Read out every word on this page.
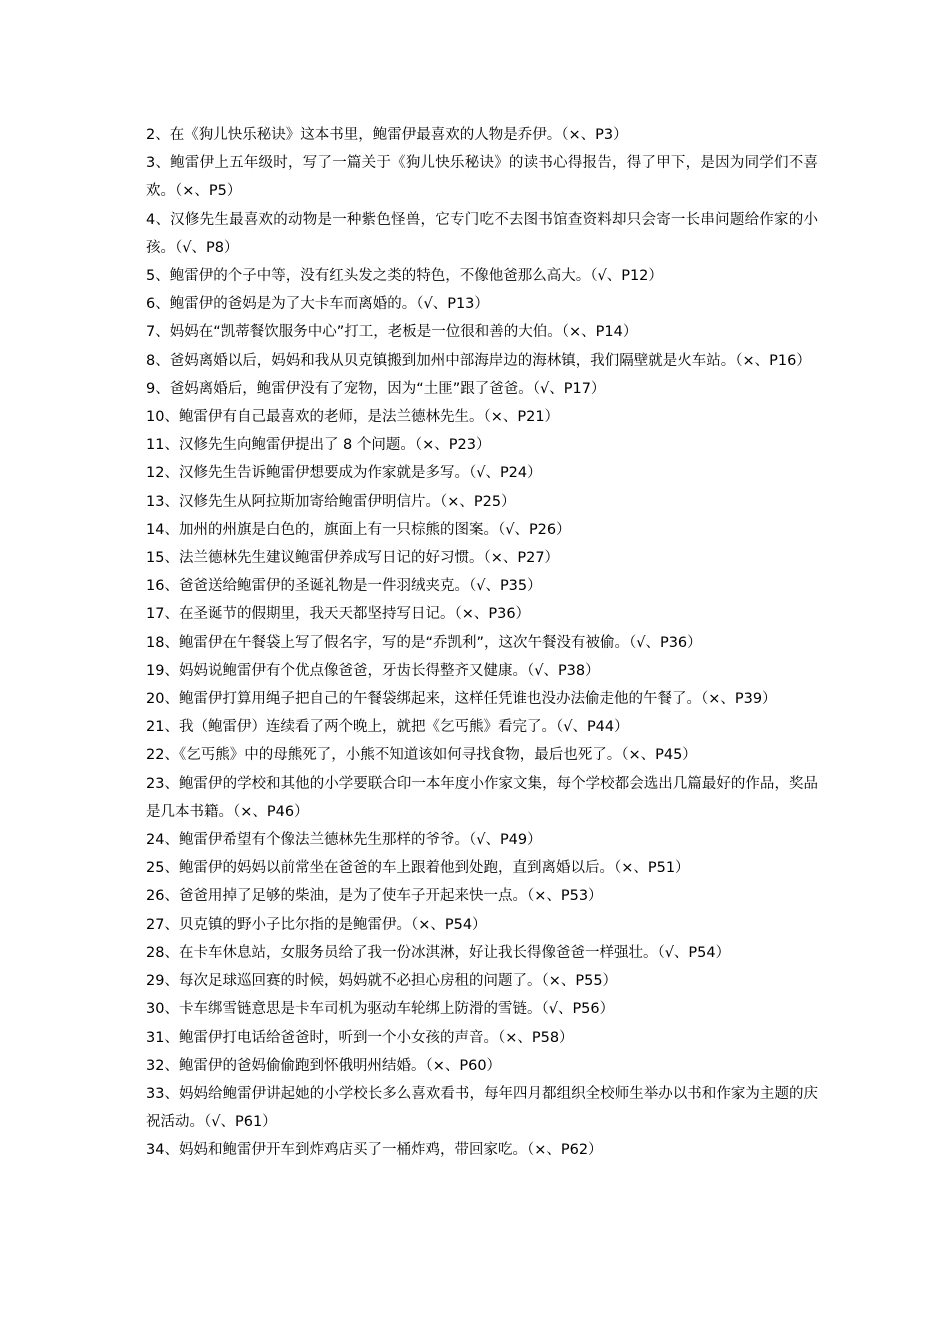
2、在《狗儿快乐秘诀》这本书里，鲍雷伊最喜欢的人物是乔伊。（×、P3）

3、鲍雷伊上五年级时，写了一篇关于《狗儿快乐秘诀》的读书心得报告，得了甲下，是因为同学们不喜欢。（×、P5）

4、汉修先生最喜欢的动物是一种紫色怪兽，它专门吃不去图书馆查资料却只会寄一长串问题给作家的小孩。（√、P8）

5、鲍雷伊的个子中等，没有红头发之类的特色，不像他爸那么高大。（√、P12）

6、鲍雷伊的爸妈是为了大卡车而离婚的。（√、P13）

7、妈妈在“凯蒂餐饮服务中心”打工，老板是一位很和善的大伯。（×、P14）

8、爸妈离婚以后，妈妈和我从贝克镇搬到加州中部海岸边的海林镇，我们隔壁就是火车站。（×、P16）

9、爸妈离婚后，鲍雷伊没有了宠物，因为“土匪”跟了爸爸。（√、P17）

10、鲍雷伊有自己最喜欢的老师，是法兰德林先生。（×、P21）

11、汉修先生向鲍雷伊提出了 8 个问题。（×、P23）

12、汉修先生告诉鲍雷伊想要成为作家就是多写。（√、P24）

13、汉修先生从阿拉斯加寄给鲍雷伊明信片。（×、P25）

14、加州的州旗是白色的，旗面上有一只棕熊的图案。（√、P26）

15、法兰德林先生建议鲍雷伊养成写日记的好习惯。（×、P27）

16、爸爸送给鲍雷伊的圣诞礼物是一件羽绒夹克。（√、P35）

17、在圣诞节的假期里，我天天都坚持写日记。（×、P36）

18、鲍雷伊在午餐袋上写了假名字，写的是“乔凯利”，这次午餐没有被偷。（√、P36）

19、妈妈说鲍雷伊有个优点像爸爸，牙齿长得整齐又健康。（√、P38）

20、鲍雷伊打算用绳子把自己的午餐袋绑起来，这样任凭谁也没办法偷走他的午餐了。（×、P39）

21、我（鲍雷伊）连续看了两个晚上，就把《乞丐熊》看完了。（√、P44）

22、《乞丐熊》中的母熊死了，小熊不知道该如何寻找食物，最后也死了。（×、P45）

23、鲍雷伊的学校和其他的小学要联合印一本年度小作家文集，每个学校都会选出几篇最好的作品，奖品是几本书籍。（×、P46）

24、鲍雷伊希望有个像法兰德林先生那样的爷爷。（√、P49）

25、鲍雷伊的妈妈以前常坐在爸爸的车上跟着他到处跑，直到离婚以后。（×、P51）

26、爸爸用掉了足够的柴油，是为了使车子开起来快一点。（×、P53）

27、贝克镇的野小子比尔指的是鲍雷伊。（×、P54）

28、在卡车休息站，女服务员给了我一份冰淇淋，好让我长得像爸爸一样强壮。（√、P54）

29、每次足球巡回赛的时候，妈妈就不必担心房租的问题了。（×、P55）

30、卡车绑雪链意思是卡车司机为驱动车轮绑上防滑的雪链。（√、P56）

31、鲍雷伊打电话给爸爸时，听到一个小女孩的声音。（×、P58）

32、鲍雷伊的爸妈偷偷跑到怀俄明州结婚。（×、P60）

33、妈妈给鲍雷伊讲起她的小学校长多么喜欢看书，每年四月都组织全校师生举办以书和作家为主题的庆祝活动。（√、P61）

34、妈妈和鲍雷伊开车到炸鸡店买了一桶炸鸡，带回家吃。（×、P62）
